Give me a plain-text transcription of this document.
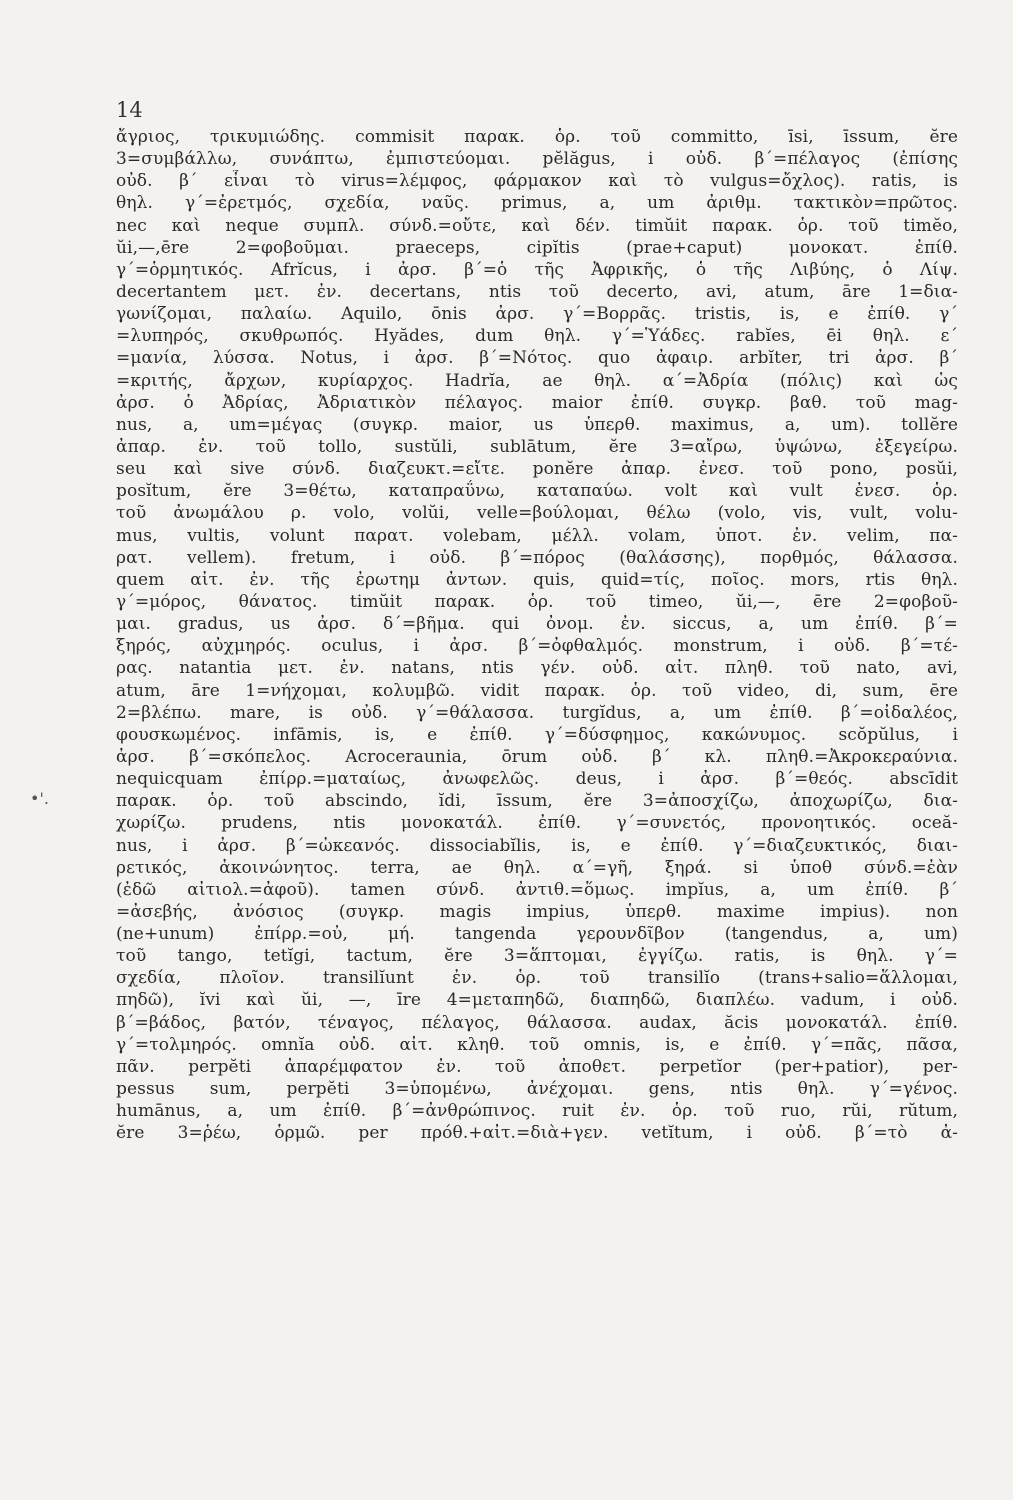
14
•'.
ἄγριος, τρικυμιώδης. commisit παρακ. ὁρ. τοῦ committo, īsi, īssum, ĕre
3=συμβάλλω, συνάπτω, ἐμπιστεύομαι. pĕlăgus, i οὐδ. β΄=πέλαγος (ἐπίσης
οὐδ. β΄ εἶναι τὸ virus=λέμφος, φάρμακον καὶ τὸ vulgus=ὄχλος). ratis, is
θηλ. γ΄=ἐρετμός, σχεδία, ναῦς. primus, a, um ἀριθμ. τακτικὸν=πρῶτος.
nec καὶ neque συμπλ. σύνδ.=οὔτε, καὶ δέν. timŭit παρακ. ὁρ. τοῦ timĕo,
ŭi,—,ēre 2=φοβοῦμαι. praeceps, cipĭtis (prae+caput) μονοκατ. ἐπίθ.
γ΄=ὁρμητικός. Afrĭcus, i ἀρσ. β΄=ὁ τῆς Ἀφρικῆς, ὁ τῆς Λιβύης, ὁ Λίψ.
decertantem μετ. ἐν. decertans, ntis τοῦ decerto, avi, atum, āre 1=δια-
γωνίζομαι, παλαίω. Aquilo, ōnis ἀρσ. γ΄=Βορρᾶς. tristis, is, e ἐπίθ. γ΄
=λυπηρός, σκυθρωπός. Hyădes, dum θηλ. γ΄=Ὑάδες. rabĭes, ēi θηλ. ε΄
=μανία, λύσσα. Notus, i ἀρσ. β΄=Νότος. quo ἀφαιρ. arbĭter, tri ἀρσ. β΄
=κριτής, ἄρχων, κυρίαρχος. Hadrĭa, ae θηλ. α΄=Ἀδρία (πόλις) καὶ ὡς
ἀρσ. ὁ Ἀδρίας, Ἀδριατικὸν πέλαγος. maior ἐπίθ. συγκρ. βαθ. τοῦ mag-
nus, a, um=μέγας (συγκρ. maior, us ὑπερθ. maximus, a, um). tollĕre
ἀπαρ. ἐν. τοῦ tollo, sustŭli, sublātum, ĕre 3=αἴρω, ὑψώνω, ἐξεγείρω.
seu καὶ sive σύνδ. διαζευκτ.=εἴτε. ponĕre ἀπαρ. ἐνεσ. τοῦ pono, posŭi,
posĭtum, ĕre 3=θέτω, καταπραΰνω, καταπαύω. volt καὶ vult ἐνεσ. ὁρ.
τοῦ ἀνωμάλου ρ. volo, volŭi, velle=βούλομαι, θέλω (volo, vis, vult, volu-
mus, vultis, volunt παρατ. volebam, μέλλ. volam, ὑποτ. ἐν. velim, πα-
ρατ. vellem). fretum, i οὐδ. β΄=πόρος (θαλάσσης), πορθμός, θάλασσα.
quem αἰτ. ἐν. τῆς ἐρωτημ ἀντων. quis, quid=τίς, ποῖος. mors, rtis θηλ.
γ΄=μόρος, θάνατος. timŭit παρακ. ὁρ. τοῦ timeo, ŭi,—, ēre 2=φοβοῦ-
μαι. gradus, us ἀρσ. δ΄=βῆμα. qui ὀνομ. ἐν. siccus, a, um ἐπίθ. β΄=
ξηρός, αὐχμηρός. oculus, i ἀρσ. β΄=ὀφθαλμός. monstrum, i οὐδ. β΄=τέ-
ρας. natantia μετ. ἐν. natans, ntis γέν. οὐδ. αἰτ. πληθ. τοῦ nato, avi,
atum, āre 1=νήχομαι, κολυμβῶ. vidit παρακ. ὁρ. τοῦ video, di, sum, ēre
2=βλέπω. mare, is οὐδ. γ΄=θάλασσα. turgĭdus, a, um ἐπίθ. β΄=οἰδαλέος,
φουσκωμένος. infāmis, is, e ἐπίθ. γ΄=δύσφημος, κακώνυμος. scŏpŭlus, i
ἀρσ. β΄=σκόπελος. Acrocerauniа, ōrum οὐδ. β΄ κλ. πληθ.=Ἀκροκεραύνια.
nequicquam ἐπίρρ.=ματαίως, ἀνωφελῶς. deus, i ἀρσ. β΄=θεός. abscīdit
παρακ. ὁρ. τοῦ abscindo, ĭdi, īssum, ĕre 3=ἀποσχίζω, ἀποχωρίζω, δια-
χωρίζω. prudens, ntis μονοκατάλ. ἐπίθ. γ΄=συνετός, προνοητικός. oceă-
nus, i ἀρσ. β΄=ὠκεανός. dissociabĭlis, is, e ἐπίθ. γ΄=διαζευκτικός, διαι-
ρετικός, ἀκοινώνητος. terra, ae θηλ. α΄=γῆ, ξηρά. si ὑποθ σύνδ.=ἐὰν
(ἐδῶ αἰτιολ.=ἀφοῦ). tamen σύνδ. ἀντιθ.=ὅμως. impĭus, a, um ἐπίθ. β΄
=ἀσεβής, ἀνόσιος (συγκρ. magis impius, ὑπερθ. maxime impius). non
(ne+unum) ἐπίρρ.=οὐ, μή. tangenda γερουνδῖβον (tangendus, a, um)
τοῦ tango, tetĭgi, tactum, ĕre 3=ἅπτομαι, ἐγγίζω. ratis, is θηλ. γ΄=
σχεδία, πλοῖον. transilĭunt ἐν. ὁρ. τοῦ transilĭo (trans+salio=ἅλλομαι,
πηδῶ), ĭvi καὶ ŭi, —, īre 4=μεταπηδῶ, διαπηδῶ, διαπλέω. vadum, i οὐδ.
β΄=βάδος, βατόν, τέναγος, πέλαγος, θάλασσα. audax, ăcis μονοκατάλ. ἐπίθ.
γ΄=τολμηρός. omnĭa οὐδ. αἰτ. κληθ. τοῦ omnis, is, e ἐπίθ. γ΄=πᾶς, πᾶσα,
πᾶν. perpĕti ἀπαρέμφατον ἐν. τοῦ ἀποθετ. perpetĭor (per+patior), per-
pessus sum, perpĕti 3=ὑπομένω, ἀνέχομαι. gens, ntis θηλ. γ΄=γένος.
humānus, a, um ἐπίθ. β΄=ἀνθρώπινος. ruit ἐν. ὁρ. τοῦ ruo, rŭi, rŭtum,
ĕre 3=ῥέω, ὁρμῶ. per πρόθ.+αἰτ.=διὰ+γεν. vetĭtum, i οὐδ. β΄=τὸ ἀ-
